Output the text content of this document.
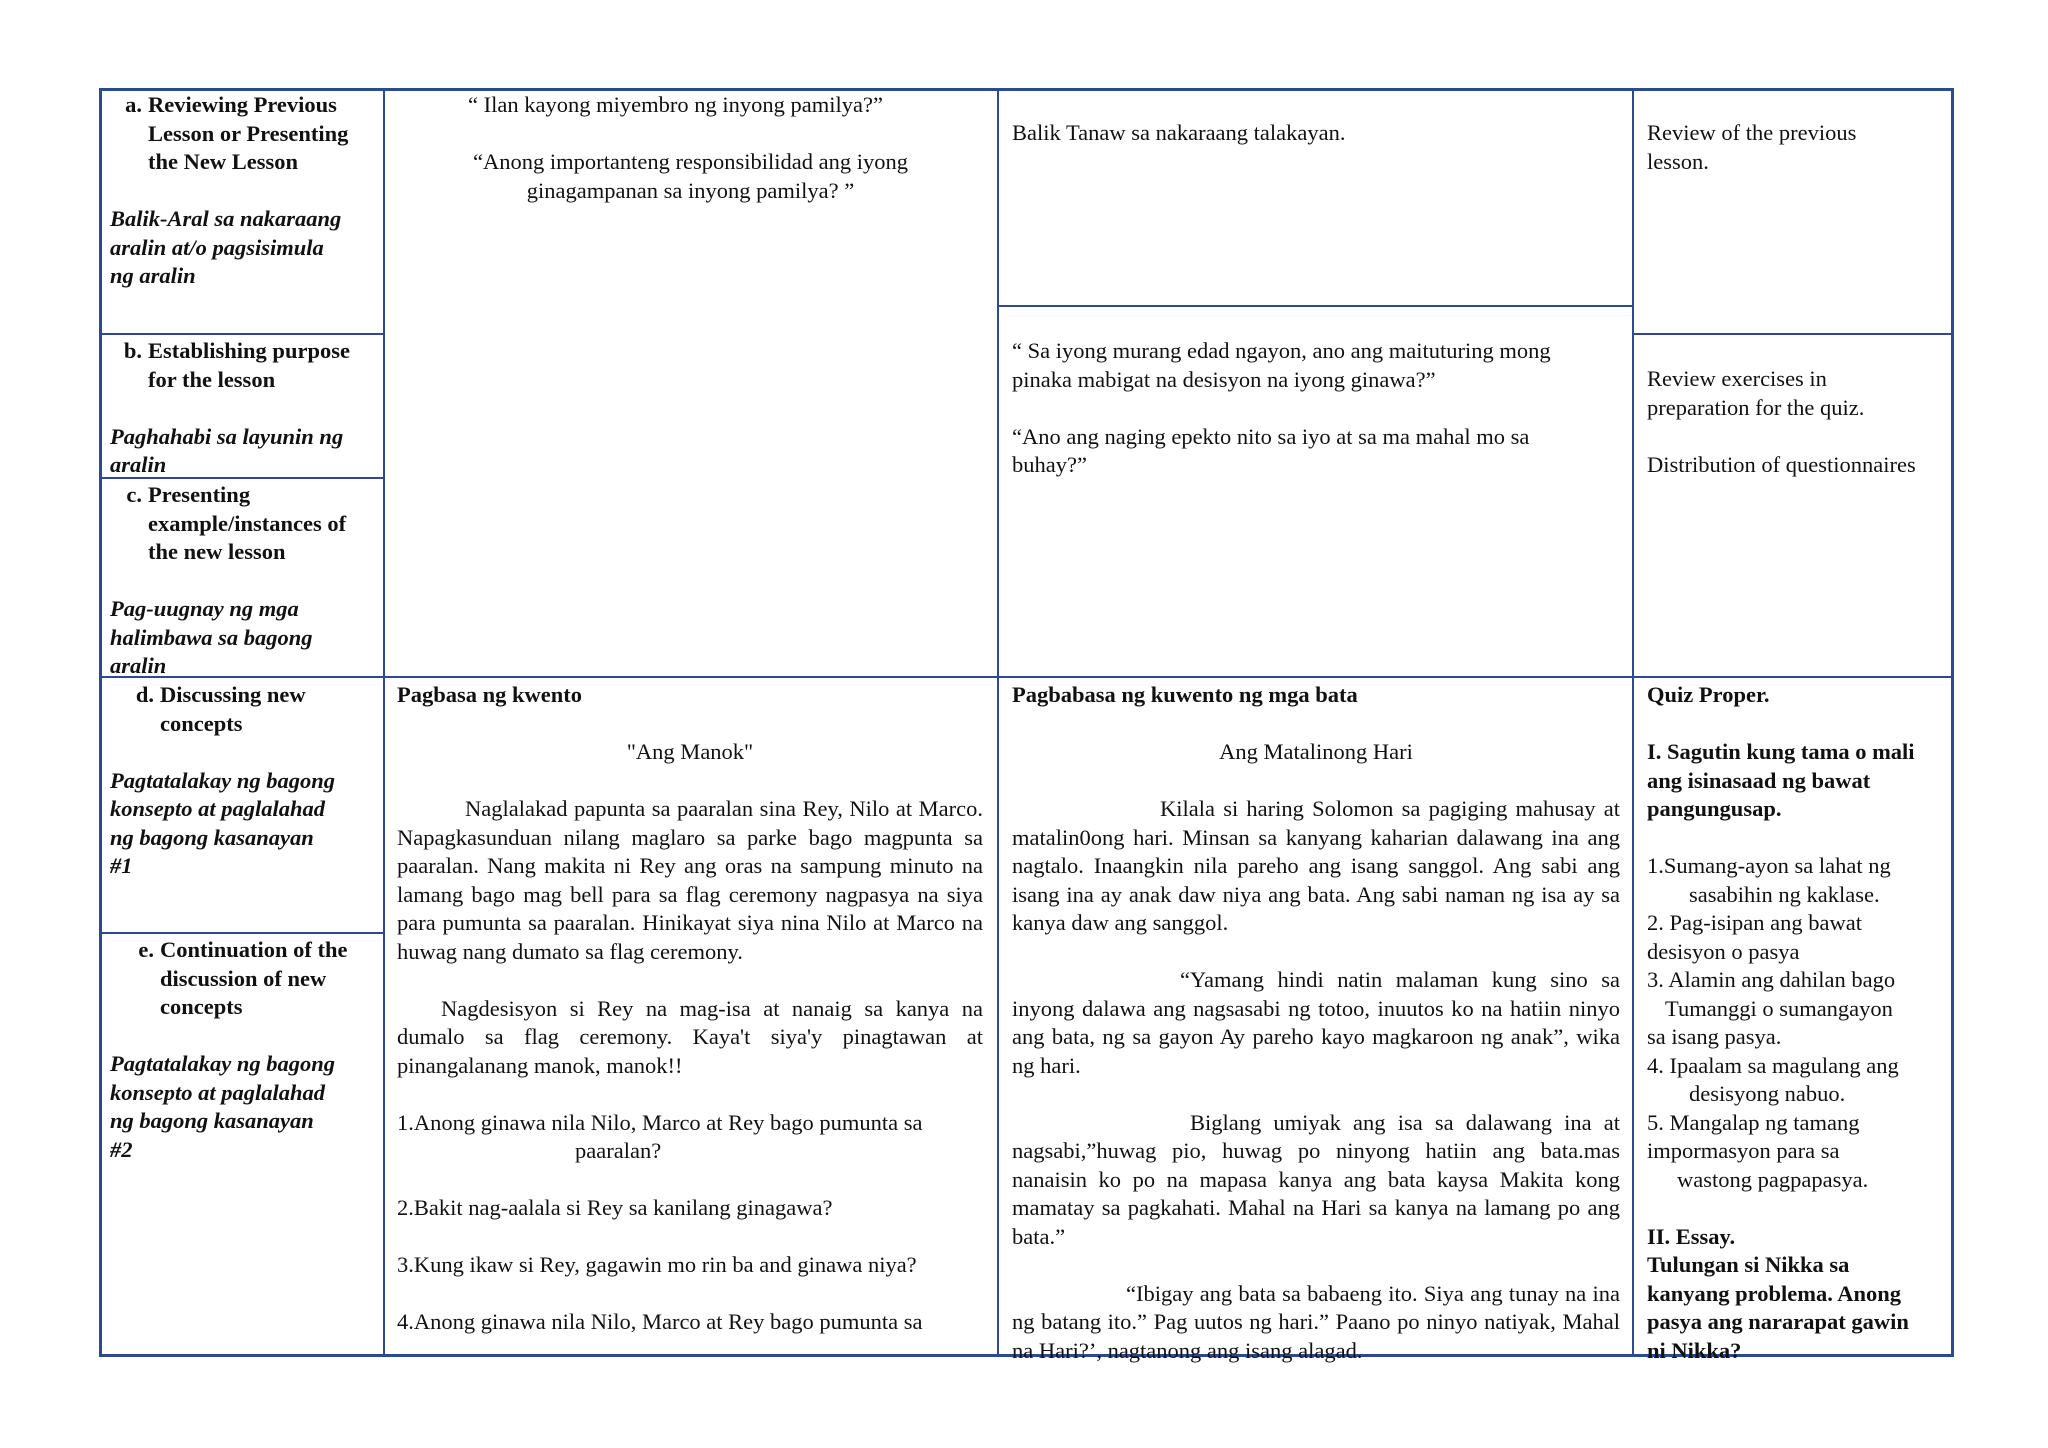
a. Reviewing Previous
Lesson or Presenting
the New Lesson

Balik-Aral sa nakaraang
aralin at/o pagsisimula
ng aralin

b. Establishing purpose
for the lesson

Paghahabi sa layunin ng
aralin

c. Presenting
example/instances of
the new lesson

Pag-uugnay ng mga
halimbawa sa bagong
aralin

d. Discussing new
concepts

Pagtatalakay ng bagong
konsepto at paglalahad
ng bagong kasanayan
#1

e. Continuation of the
discussion of new
concepts

Pagtatalakay ng bagong
konsepto at paglalahad
ng bagong kasanayan
#2

“ Ilan kayong miyembro ng inyong pamilya?”

“Anong importanteng responsibilidad ang iyong
ginagampanan sa inyong pamilya? ”

Balik Tanaw sa nakaraang talakayan.

“ Sa iyong murang edad ngayon, ano ang maituturing mong
pinaka mabigat na desisyon na iyong ginawa?”

“Ano ang naging epekto nito sa iyo at sa ma mahal mo sa
buhay?”

Review of the previous
lesson.

Review exercises in
preparation for the quiz.

Distribution of questionnaires

Pagbasa ng kwento

"Ang Manok"

Naglalakad papunta sa paaralan sina Rey, Nilo at Marco. Napagkasunduan nilang maglaro sa parke bago magpunta sa paaralan. Nang makita ni Rey ang oras na sampung minuto na lamang bago mag bell para sa flag ceremony nagpasya na siya para pumunta sa paaralan. Hinikayat siya nina Nilo at Marco na huwag nang dumato sa flag ceremony.

Nagdesisyon si Rey na mag-isa at nanaig sa kanya na dumalo sa flag ceremony. Kaya't siya'y pinagtawan at pinangalanang manok, manok!!

1.Anong ginawa nila Nilo, Marco at Rey bago pumunta sa
paaralan?

2.Bakit nag-aalala si Rey sa kanilang ginagawa?

3.Kung ikaw si Rey, gagawin mo rin ba and ginawa niya?

4.Anong ginawa nila Nilo, Marco at Rey bago pumunta sa

Pagbabasa ng kuwento ng mga bata

Ang Matalinong Hari

Kilala si haring Solomon sa pagiging mahusay at matalin0ong hari. Minsan sa kanyang kaharian dalawang ina ang nagtalo. Inaangkin nila pareho ang isang sanggol. Ang sabi ang isang ina ay anak daw niya ang bata. Ang sabi naman ng isa ay sa kanya daw ang sanggol.

“Yamang hindi natin malaman kung sino sa inyong dalawa ang nagsasabi ng totoo, inuutos ko na hatiin ninyo ang bata, ng sa gayon Ay pareho kayo magkaroon ng anak”, wika ng hari.

Biglang umiyak ang isa sa dalawang ina at nagsabi,”huwag pio, huwag po ninyong hatiin ang bata.mas nanaisin ko po na mapasa kanya ang bata kaysa Makita kong mamatay sa pagkahati. Mahal na Hari sa kanya na lamang po ang bata.”

“Ibigay ang bata sa babaeng ito. Siya ang tunay na ina ng batang ito.” Pag uutos ng hari.” Paano po ninyo natiyak, Mahal na Hari?’, nagtanong ang isang alagad.

Quiz Proper.

I. Sagutin kung tama o mali
ang isinasaad ng bawat
pangungusap.

1.Sumang-ayon sa lahat ng
sasabihin ng kaklase.

2. Pag-isipan ang bawat
desisyon o pasya

3. Alamin ang dahilan bago
Tumanggi o sumangayon
sa isang pasya.

4. Ipaalam sa magulang ang
desisyong nabuo.

5. Mangalap ng tamang
impormasyon para sa
wastong pagpapasya.

II. Essay.

Tulungan si Nikka sa
kanyang problema. Anong
pasya ang nararapat gawin
ni Nikka?
